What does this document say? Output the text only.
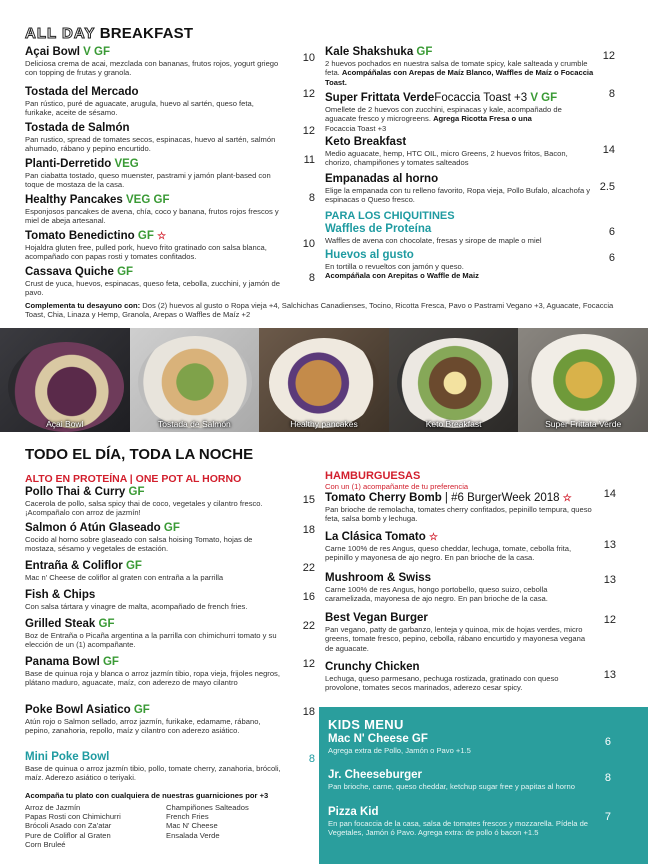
ALL DAY BREAKFAST
Açai Bowl V GF
Deliciosa crema de acai, mezclada con bananas, frutos rojos, yogurt griego con topping de frutas y granola.
10
Tostada del Mercado
Pan rústico, puré de aguacate, arugula, huevo al sartén, queso feta, furikake, aceite de sésamo.
12
Tostada de Salmón
Pan rustico, spread de tomates secos, espinacas, huevo al sartén, salmón ahumado, rábano y pepino encurtido.
12
Planti-Derretido VEG
Pan ciabatta tostado, queso muenster, pastrami y jamón plant-based con toque de mostaza de la casa.
11
Healthy Pancakes VEG GF
Esponjosos pancakes de avena, chía, coco y banana, frutos rojos frescos y miel de abeja artesanal.
8
Tomato Benedictino GF ☆
Hojaldra gluten free, pulled pork, huevo frito gratinado con salsa blanca, acompañado con papas rosti y tomates confitados.
10
Cassava Quiche GF
Crust de yuca, huevos, espinacas, queso feta, cebolla, zucchini, y jamón de pavo.
8
Kale Shakshuka GF
2 huevos pochados en nuestra salsa de tomate spicy, kale salteada y crumble feta. Acompáñalas con Arepas de Maíz Blanco, Waffles de Maíz o Focaccia Toast.
12
Super Frittata VerdeFocaccia Toast +3 V GF
Omellete de 2 huevos con zucchini, espinacas y kale, acompañado de aguacate fresco y microgreens. Agrega Ricotta Fresa o una
Focaccia Toast +3
8
Keto Breakfast
Medio aguacate, hemp, HTC OIL, micro Greens, 2 huevos fritos, Bacon, chorizo, champiñones y tomates salteados
14
Empanadas al horno
Elige la empanada con tu relleno favorito, Ropa vieja, Pollo Bufalo, alcachofa y espinacas o Queso fresco.
2.5
PARA LOS CHIQUITINES
Waffles de Proteína
Waffles de avena con chocolate, fresas y sirope de maple o miel
6
Huevos al gusto
En tortilla o revueltos con jamón y queso.
Acompáñala con Arepitas o Waffle de Maiz
6
Complementa tu desayuno con: Dos (2) huevos al gusto o Ropa vieja +4, Salchichas Canadienses, Tocino, Ricotta Fresca, Pavo o Pastrami Vegano +3, Aguacate, Focaccia Toast, Chia, Linaza y Hemp, Granola, Arepas o Waffles de Maíz +2
Açai Bowl	Tostada de Salmón	Healthy pancakes	Keto Breakfast	Super Frittata Verde
TODO EL DÍA, TODA LA NOCHE
ALTO EN PROTEÍNA | ONE POT AL HORNO
Pollo Thai & Curry GF
Cacerola de pollo, salsa spicy thai de coco, vegetales y cilantro fresco. ¡Acompañalo con arroz de jazmín!
15
Salmon ó Atún Glaseado GF
Cocido al horno sobre glaseado con salsa hoising Tomato, hojas de mostaza, sésamo y vegetales de estación.
18
Entraña & Coliflor GF
Mac n' Cheese de coliflor al graten con entraña a la parrilla
22
Fish & Chips
Con salsa tártara y vinagre de malta, acompañado de french fries.
16
Grilled Steak GF
Boz de Entraña o Picaña argentina a la parrilla con chimichurri tomato y su elección de un (1) acompañante.
22
Panama Bowl GF
Base de quinua roja y blanca o arroz jazmín tibio, ropa vieja, frijoles negros, plátano maduro, aguacate, maíz, con aderezo de mayo cilantro
12
Poke Bowl Asiatico GF
Atún rojo o Salmon sellado, arroz jazmín, furikake, edamame, rábano, pepino, zanahoria, repollo, maíz y cilantro con aderezo asiático.
18
Mini Poke Bowl
Base de quinua o arroz jazmín tibio, pollo, tomate cherry, zanahoria, brócoli, maíz. Aderezo asiático o teriyaki.
8
Acompaña tu plato con cualquiera de nuestras guarniciones por +3
Arroz de Jazmín
Papas Rosti con Chimichurri
Brócoli Asado con Za'atar
Pure de Coliflor al Graten
Corn Bruleé
Champiñones Salteados
French Fries
Mac N' Cheese
Ensalada Verde
HAMBURGUESAS
Con un (1) acompañante de tu preferencia
Tomato Cherry Bomb | #6 BurgerWeek 2018 ☆
Pan brioche de remolacha, tomates cherry confitados, pepinillo tempura, queso feta, salsa bomb y lechuga.
14
La Clásica Tomato ☆
Carne 100% de res Angus, queso cheddar, lechuga, tomate, cebolla frita, pepinillo y mayonesa de ajo negro. En pan brioche de la casa.
13
Mushroom & Swiss
Carne 100% de res Angus, hongo portobello, queso suizo, cebolla caramelizada, mayonesa de ajo negro. En pan brioche de la casa.
13
Best Vegan Burger
Pan vegano, patty de garbanzo, lenteja y quinoa, mix de hojas verdes, micro greens, tomate fresco, pepino, cebolla, rábano encurtido y mayonesa vegana de aguacate.
12
Crunchy Chicken
Lechuga, queso parmesano, pechuga rostizada, gratinado con queso provolone, tomates secos marinados, aderezo cesar spicy.
13
KIDS MENU
Mac N' Cheese GF
Agrega extra de Pollo, Jamón o Pavo +1.5
6
Jr. Cheeseburger
Pan brioche, carne, queso cheddar, ketchup sugar free y papitas al horno
8
Pizza Kid
En pan focaccia de la casa, salsa de tomates frescos y mozzarella. Pídela de Vegetales, Jamón ó Pavo. Agrega extra: de pollo ó bacon +1.5
7
